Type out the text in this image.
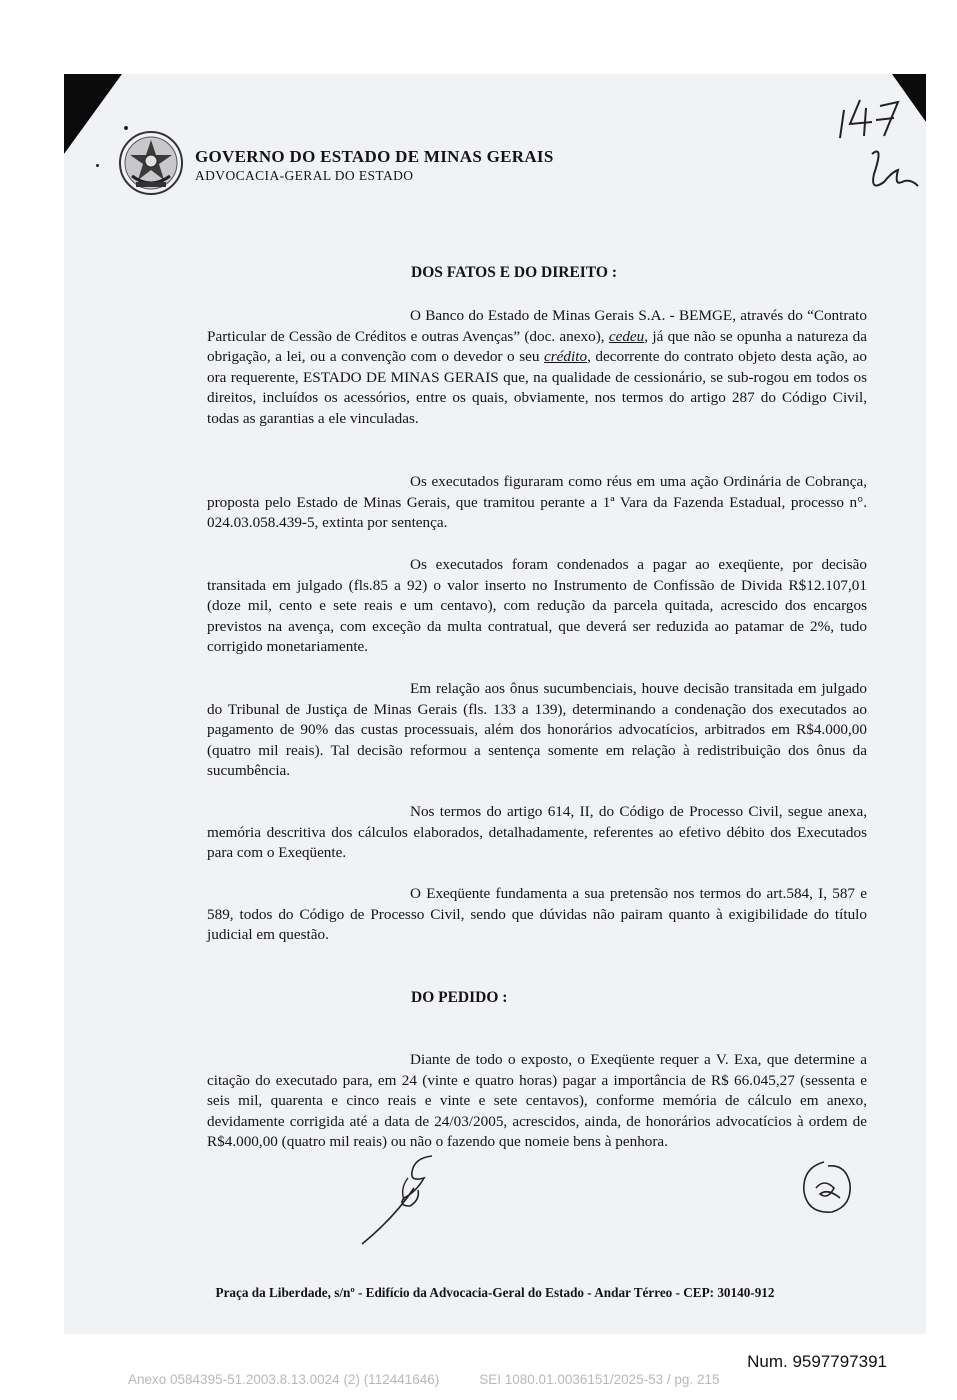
GOVERNO DO ESTADO DE MINAS GERAIS
ADVOCACIA-GERAL DO ESTADO
DOS FATOS E DO DIREITO :

O Banco do Estado de Minas Gerais S.A. - BEMGE, através do “Contrato Particular de Cessão de Créditos e outras Avenças” (doc. anexo), cedeu, já que não se opunha a natureza da obrigação, a lei, ou a convenção com o devedor o seu crédito, decorrente do contrato objeto desta ação, ao ora requerente, ESTADO DE MINAS GERAIS que, na qualidade de cessionário, se sub-rogou em todos os direitos, incluídos os acessórios, entre os quais, obviamente, nos termos do artigo 287 do Código Civil, todas as garantias a ele vinculadas.

Os executados figuraram como réus em uma ação Ordinária de Cobrança, proposta pelo Estado de Minas Gerais, que tramitou perante a 1ª Vara da Fazenda Estadual, processo n°. 024.03.058.439-5, extinta por sentença.

Os executados foram condenados a pagar ao exeqüente, por decisão transitada em julgado (fls.85 a 92) o valor inserto no Instrumento de Confissão de Divida R$12.107,01 (doze mil, cento e sete reais e um centavo), com redução da parcela quitada, acrescido dos encargos previstos na avença, com exceção da multa contratual, que deverá ser reduzida ao patamar de 2%, tudo corrigido monetariamente.

Em relação aos ônus sucumbenciais, houve decisão transitada em julgado do Tribunal de Justiça de Minas Gerais (fls. 133 a 139), determinando a condenação dos executados ao pagamento de 90% das custas processuais, além dos honorários advocatícios, arbitrados em R$4.000,00 (quatro mil reais). Tal decisão reformou a sentença somente em relação à redistribuição dos ônus da sucumbência.

Nos termos do artigo 614, II, do Código de Processo Civil, segue anexa, memória descritiva dos cálculos elaborados, detalhadamente, referentes ao efetivo débito dos Executados para com o Exeqüente.

O Exeqüente fundamenta a sua pretensão nos termos do art.584, I, 587 e 589, todos do Código de Processo Civil, sendo que dúvidas não pairam quanto à exigibilidade do título judicial em questão.

DO PEDIDO :

Diante de todo o exposto, o Exeqüente requer a V. Exa, que determine a citação do executado para, em 24 (vinte e quatro horas) pagar a importância de R$ 66.045,27 (sessenta e seis mil, quarenta e cinco reais e vinte e sete centavos), conforme memória de cálculo em anexo, devidamente corrigida até a data de 24/03/2005, acrescidos, ainda, de honorários advocatícios à ordem de R$4.000,00 (quatro mil reais) ou não o fazendo que nomeie bens à penhora.

Praça da Liberdade, s/nº - Edifício da Advocacia-Geral do Estado - Andar Térreo - CEP: 30140-912
Num. 9597797391
Anexo 0584395-51.2003.8.13.0024 (2) (112441646)	SEI 1080.01.0036151/2025-53 / pg. 215
